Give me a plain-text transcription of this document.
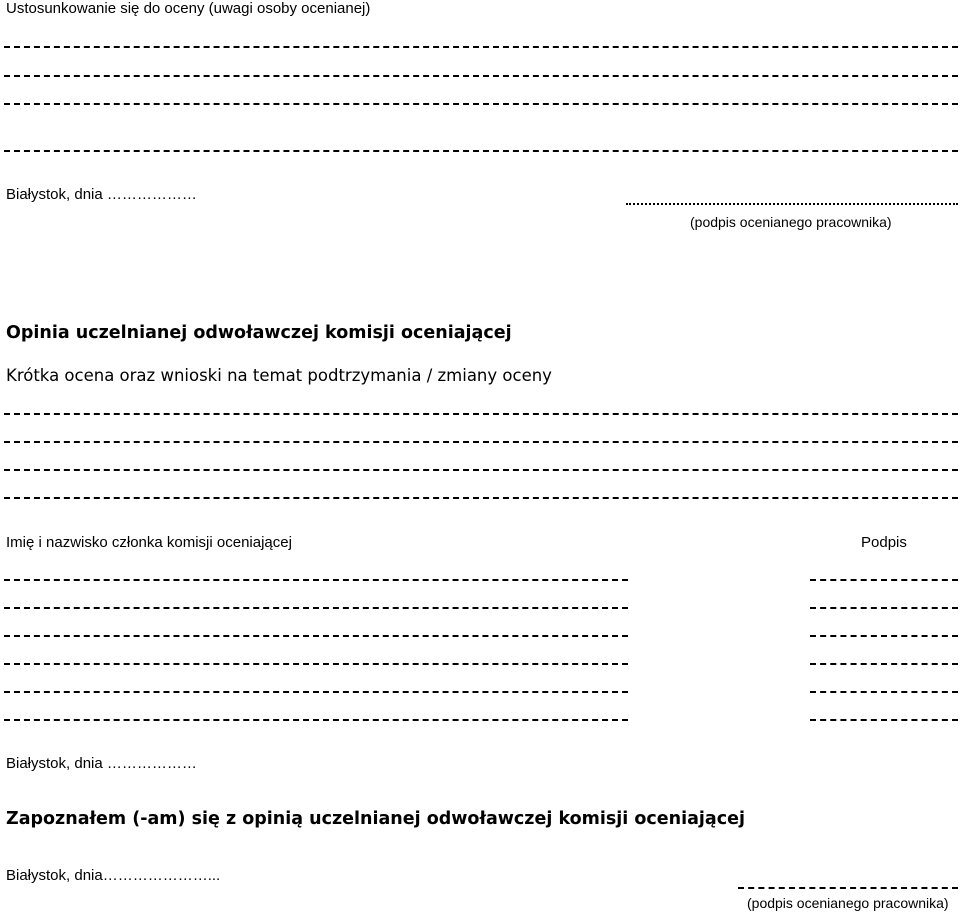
Ustosunkowanie się do oceny (uwagi osoby ocenianej)
Białystok, dnia ………………
(podpis ocenianego pracownika)
Opinia uczelnianej odwoławczej komisji oceniającej
Krótka ocena oraz wnioski na temat podtrzymania / zmiany oceny
Imię i nazwisko członka komisji oceniającej	Podpis
Białystok, dnia ………………
Zapoznałem (-am) się z opinią uczelnianej odwoławczej komisji oceniającej
Białystok, dnia…………………...
(podpis ocenianego pracownika)
